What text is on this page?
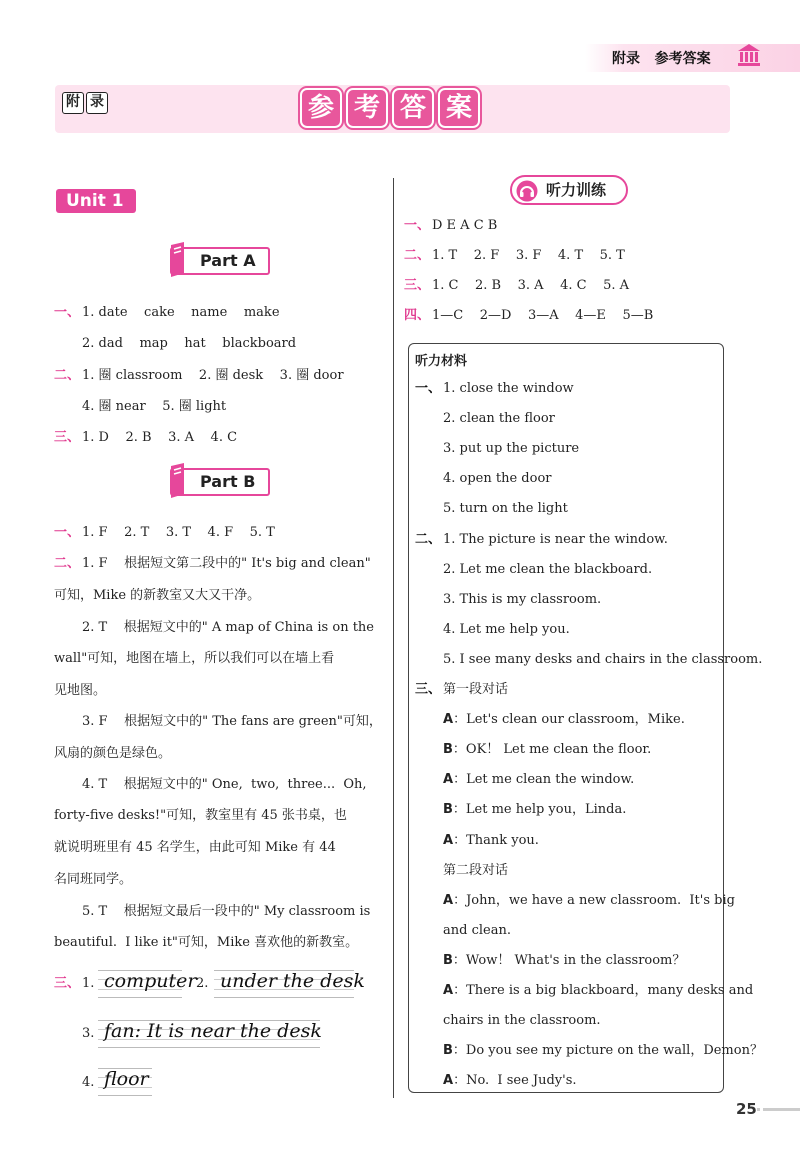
附录   参考答案
附 录	参 考 答 案
Unit 1
Part A
一、 1. date    cake    name    make
2. dad    map    hat    blackboard
二、 1. 圈 classroom    2. 圈 desk    3. 圈 door
4. 圈 near    5. 圈 light
三、 1. D    2. B    3. A    4. C
Part B
一、 1. F    2. T    3. T    4. F    5. T
二、 1. F    根据短文第二段中的" It's big and clean"
可知，Mike 的新教室又大又干净。
2. T    根据短文中的" A map of China is on the
wall"可知，地图在墙上，所以我们可以在墙上看
见地图。
3. F    根据短文中的" The fans are green"可知，
风扇的颜色是绿色。
4. T    根据短文中的" One,  two,  three...  Oh,
forty-five desks!"可知，教室里有 45 张书桌，也
就说明班里有 45 名学生，由此可知 Mike 有 44
名同班同学。
5. T    根据短文最后一段中的" My classroom is
beautiful.  I like it"可知，Mike 喜欢他的新教室。
三、 1. computer 2. under the desk
3. fan: It is near the desk
4. floor
听力训练
一、 D E A C B
二、 1. T    2. F    3. F    4. T    5. T
三、 1. C    2. B    3. A    4. C    5. A
四、 1—C    2—D    3—A    4—E    5—B
听力材料
一、 1. close the window
2. clean the floor
3. put up the picture
4. open the door
5. turn on the light
二、 1. The picture is near the window.
2. Let me clean the blackboard.
3. This is my classroom.
4. Let me help you.
5. I see many desks and chairs in the classroom.
三、 第一段对话
A：Let's clean our classroom，Mike.
B：OK！ Let me clean the floor.
A：Let me clean the window.
B：Let me help you，Linda.
A：Thank you.
第二段对话
A：John，we have a new classroom.  It's big
and clean.
B：Wow！ What's in the classroom？
A：There is a big blackboard，many desks and
chairs in the classroom.
B：Do you see my picture on the wall，Demon？
A：No.  I see Judy's.
25
